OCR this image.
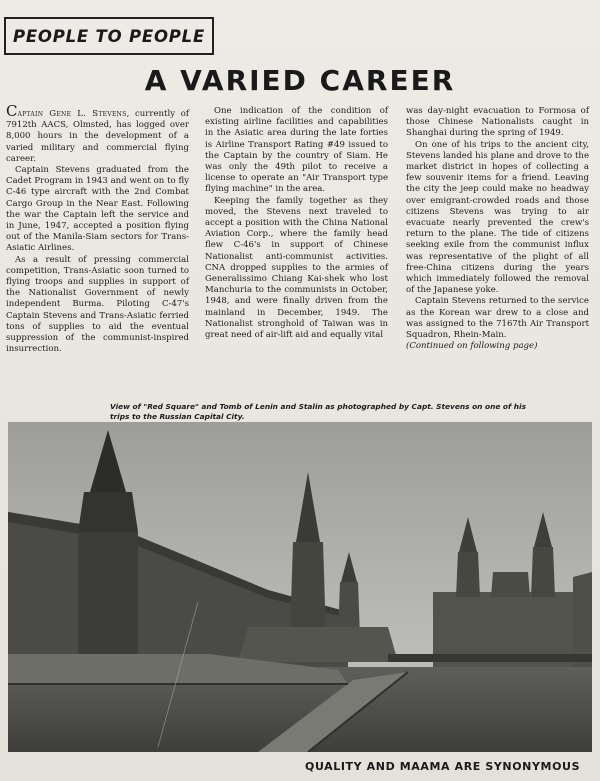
PEOPLE TO PEOPLE
A VARIED CAREER

Captain Gene L. Stevens, currently of 7912th AACS, Olmsted, has logged over 8,000 hours in the development of a varied military and commercial flying career.

Captain Stevens graduated from the Cadet Program in 1943 and went on to fly C-46 type aircraft with the 2nd Combat Cargo Group in the Near East. Following the war the Captain left the service and in June, 1947, accepted a position flying out of the Manila-Siam sectors for Trans-Asiatic Airlines.

As a result of pressing commercial competition, Trans-Asiatic soon turned to flying troops and supplies in support of the Nationalist Government of newly independent Burma. Piloting C-47's Captain Stevens and Trans-Asiatic ferried tons of supplies to aid the eventual suppression of the communist-inspired insurrection.

One indication of the condition of existing airline facilities and capabilities in the Asiatic area during the late forties is Airline Transport Rating #49 issued to the Captain by the country of Siam. He was only the 49th pilot to receive a license to operate an "Air Transport type flying machine" in the area.

Keeping the family together as they moved, the Stevens next traveled to accept a position with the China National Aviation Corp., where the family head flew C-46's in support of Chinese Nationalist anti-communist activities. CNA dropped supplies to the armies of Generalissimo Chiang Kai-shek who lost Manchuria to the communists in October, 1948, and were finally driven from the mainland in December, 1949. The Nationalist stronghold of Taiwan was in great need of air-lift aid and equally vital

was day-night evacuation to Formosa of those Chinese Nationalists caught in Shanghai during the spring of 1949.

On one of his trips to the ancient city, Stevens landed his plane and drove to the market district in hopes of collecting a few souvenir items for a friend. Leaving the city the jeep could make no headway over emigrant-crowded roads and those citizens Stevens was trying to air evacuate nearly prevented the crew's return to the plane. The tide of citizens seeking exile from the communist influx was representative of the plight of all free-China citizens during the years which immediately followed the removal of the Japanese yoke.

Captain Stevens returned to the service as the Korean war drew to a close and was assigned to the 7167th Air Transport Squadron, Rhein-Main.

(Continued on following page)

View of "Red Square" and Tomb of Lenin and Stalin as photographed by Capt. Stevens on one of his trips to the Russian Capital City.
QUALITY AND MAAMA ARE SYNONYMOUS
